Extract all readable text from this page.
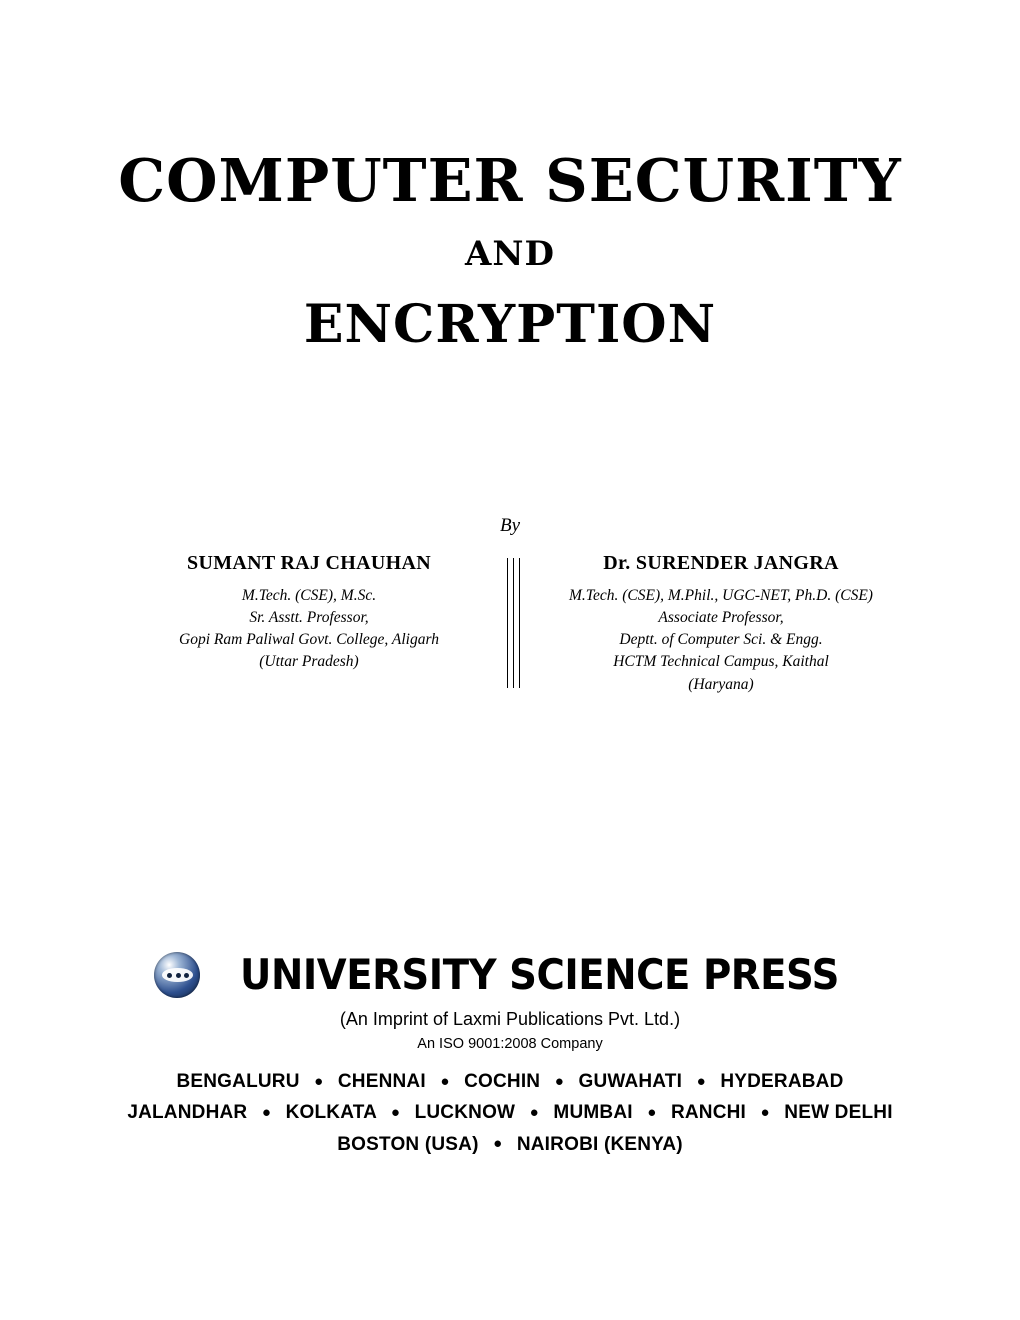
COMPUTER SECURITY
AND
ENCRYPTION
By
SUMANT RAJ CHAUHAN
M.Tech. (CSE), M.Sc.
Sr. Asstt. Professor,
Gopi Ram Paliwal Govt. College, Aligarh
(Uttar Pradesh)
Dr. SURENDER JANGRA
M.Tech. (CSE), M.Phil., UGC-NET, Ph.D. (CSE)
Associate Professor,
Deptt. of Computer Sci. & Engg.
HCTM Technical Campus, Kaithal
(Haryana)
UNIVERSITY SCIENCE PRESS
(An Imprint of Laxmi Publications Pvt. Ltd.)
An ISO 9001:2008 Company
BENGALURU ● CHENNAI ● COCHIN ● GUWAHATI ● HYDERABAD
JALANDHAR ● KOLKATA ● LUCKNOW ● MUMBAI ● RANCHI ● NEW DELHI
BOSTON (USA) ● NAIROBI (KENYA)
